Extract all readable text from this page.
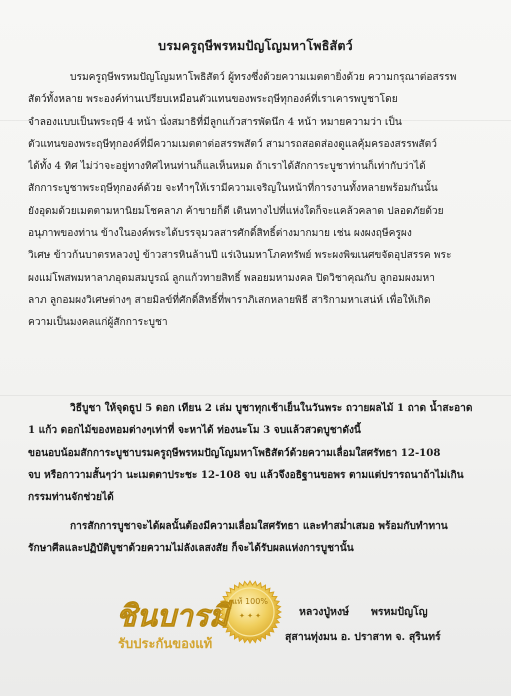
บรมครูฤษีพรหมปัญโญมหาโพธิสัตว์
บรมครูฤษีพรหมปัญโญมหาโพธิสัตว์ ผู้ทรงซึ่งด้วยความเมตตายิ่งด้วย ความกรุณาต่อสรรพ
สัตว์ทั้งหลาย พระองค์ท่านเปรียบเหมือนตัวแทนของพระฤษีทุกองค์ที่เราเคารพบูชาโดย
จำลองแบบเป็นพระฤษี 4 หน้า นั่งสมาธิที่มีลูกแก้วสารพัดนึก 4 หน้า หมายความว่า เป็น
ตัวแทนของพระฤษีทุกองค์ที่มีความเมตตาต่อสรรพสัตว์ สามารถสอดส่องดูแลคุ้มครองสรรพสัตว์
ได้ทั้ง 4 ทิศ ไม่ว่าจะอยู่ทางทิศไหนท่านก็แลเห็นหมด ถ้าเราได้สักการะบูชาท่านก็เท่ากับว่าได้
สักการะบูชาพระฤษีทุกองค์ด้วย จะทำๆให้เรามีความเจริญในหน้าที่การงานทั้งหลายพร้อมกันนั้น
ยังอุดมด้วยเมตตามหานิยมโชคลาภ ค้าขายก็ดี เดินทางไปที่แห่งใดก็จะแคล้วคลาด ปลอดภัยด้วย
อนุภาพของท่าน ข้างในองค์พระได้บรรจุมวลสารศักดิ์สิทธิ์ต่างมากมาย เช่น ผงผงฤษีครูผง
วิเศษ ข้าวก้นบาตรหลวงปู่ ข้าวสารหินล้านปี แร่เงินมหาโภคทรัพย์ พระผงพิฆเนศขจัดอุปสรรค พระ
ผงแม่โพสพมหาลาภอุดมสมบูรณ์ ลูกแก้วทายสิทธิ์ พลอยมหามงคล ปิดวิชาคุณกับ ลูกอมผงมหา
ลาภ ลูกอมผงวิเศษต่างๆ สายมิลข์ที่ศักดิ์สิทธิ์ที่พาราภิเสกหลายพิธี สาริกามหาเสน่ห์ เพื่อให้เกิด
ความเป็นมงคลแก่ผู้สักการะบูชา
วิธีบูชา ให้จุดธูป 5 ดอก เทียน 2 เล่ม บูชาทุกเช้าเย็นในวันพระ ถวายผลไม้ 1 ถาด น้ำสะอาด
1 แก้ว ดอกไม้ของหอมต่างๆเท่าที่ จะหาได้ ท่องนะโม 3 จบแล้วสวดบูชาดังนี้
ขอนอบน้อมสักการะบูชาบรมครูฤษีพรหมปัญโญมหาโพธิสัตว์ด้วยความเลื่อมใสศรัทธา 12-108
จบ หรือกาวามสั้นๆว่า นะเมตตาประชะ 12-108 จบ แล้วจึงอธิฐานขอพร ตามแต่ปรารถนาถ้าไม่เกิน
กรรมท่านจักช่วยได้
การสักการบูชาจะได้ผลนั้นต้องมีความเลื่อมใสศรัทธา และทำสม่ำเสมอ พร้อมกับทำทาน
รักษาศีลและปฏิบัติบูชาด้วยความไม่ลังเลสงสัย ก็จะได้รับผลแห่งการบูชานั้น
แท้ 100%
✦ ✦ ✦
ชินบารมี
รับประกันของแท้
หลวงปู่หงษ์ พรหมปัญโญ
สุสานทุ่งมน อ. ปราสาท จ. สุรินทร์
